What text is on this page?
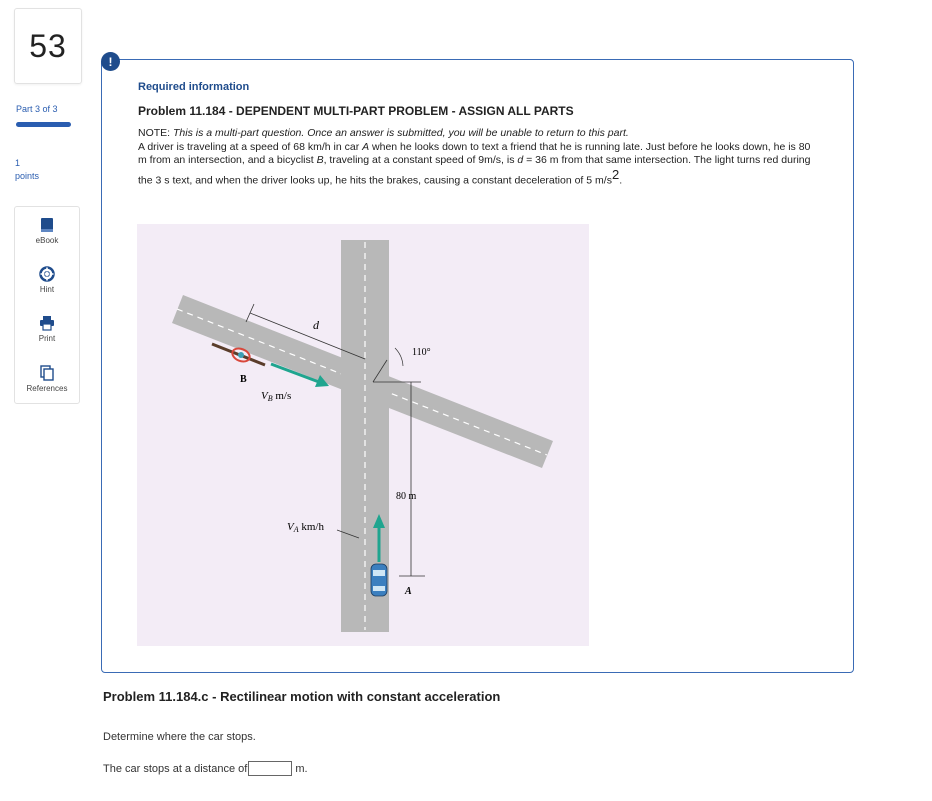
53
Part 3 of 3
1
points
eBook
Hint
Print
References
Required information
Problem 11.184 - DEPENDENT MULTI-PART PROBLEM - ASSIGN ALL PARTS
NOTE: This is a multi-part question. Once an answer is submitted, you will be unable to return to this part.
A driver is traveling at a speed of 68 km/h in car A when he looks down to text a friend that he is running late. Just before he looks down, he is 80 m from an intersection, and a bicyclist B, traveling at a constant speed of 9m/s, is d = 36 m from that same intersection. The light turns red during the 3 s text, and when the driver looks up, he hits the brakes, causing a constant deceleration of 5 $m/s^2$.
d
110°
80 m
B
VB m/s
VA km/h
A
!
Problem 11.184.c - Rectilinear motion with constant acceleration
Determine where the car stops.
The car stops at a distance of	m.
